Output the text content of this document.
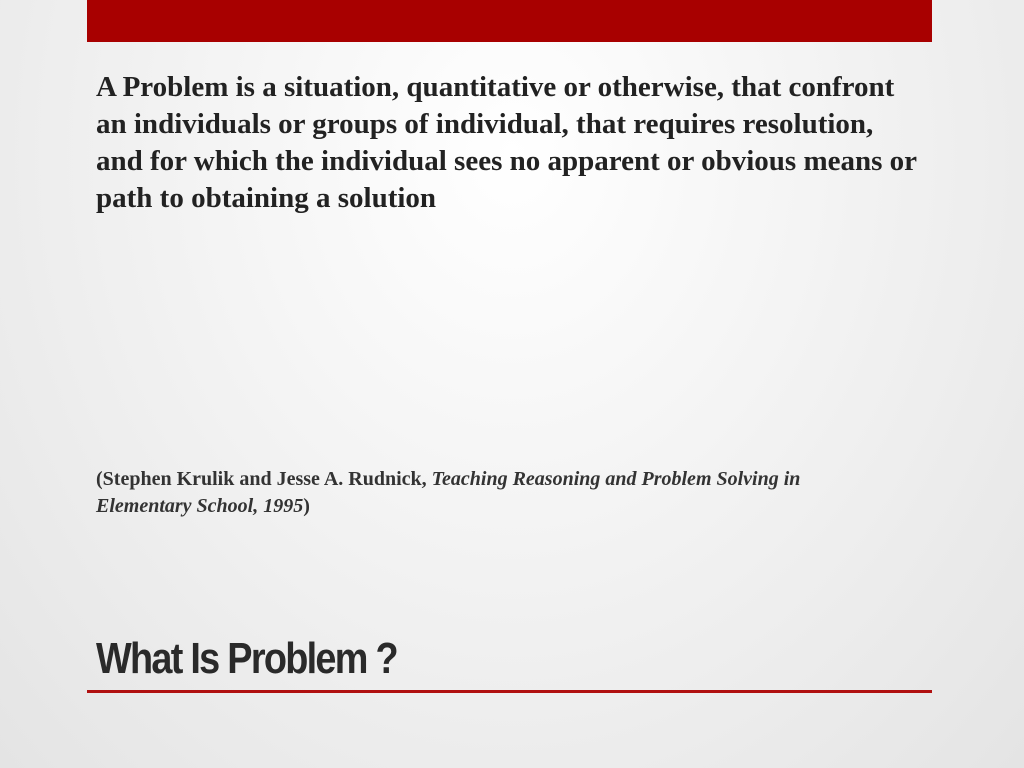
A Problem is a situation, quantitative or otherwise, that confront an individuals or groups of individual, that requires resolution, and for which the individual sees no apparent or obvious means or path to obtaining a solution

(Stephen Krulik and Jesse A. Rudnick, Teaching Reasoning and Problem Solving in Elementary School, 1995)

What Is Problem ?
